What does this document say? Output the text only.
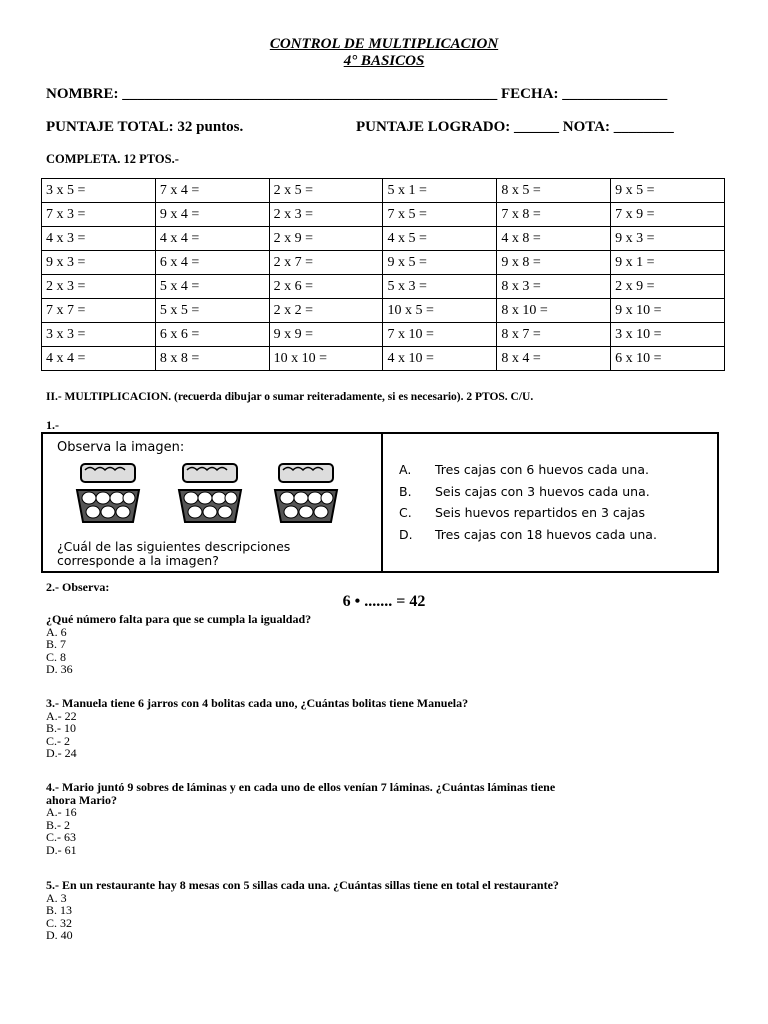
CONTROL DE MULTIPLICACION
4° BASICOS
NOMBRE: __________________________________________________ FECHA: ______________
PUNTAJE TOTAL: 32 puntos.	PUNTAJE LOGRADO: ______ NOTA: ________
COMPLETA. 12 PTOS.-
3 x 5 =	7 x 4 =	2 x 5 =	5 x 1 =	8 x 5 =	9 x 5 =
7 x 3 =	9 x 4 =	2 x 3 =	7 x 5 =	7 x 8 =	7 x 9 =
4 x 3 =	4 x 4 =	2 x 9 =	4 x 5 =	4 x 8 =	9 x 3 =
9 x 3 =	6 x 4 =	2 x 7 =	9 x 5 =	9 x 8 =	9 x 1 =
2 x 3 =	5 x 4 =	2 x 6 =	5 x 3 =	8 x 3 =	2 x 9 =
7 x 7 =	5 x 5 =	2 x 2 =	10 x 5 =	8 x 10 =	9 x 10 =
3 x 3 =	6 x 6 =	9 x 9 =	7 x 10 =	8 x 7 =	3 x 10 =
4 x 4 =	8 x 8 =	10 x 10 =	4 x 10 =	8 x 4 =	6 x 10 =
II.- MULTIPLICACION. (recuerda dibujar o sumar reiteradamente, si es necesario). 2 PTOS. C/U.
1.-
Observa la imagen:
¿Cuál de las siguientes descripciones
corresponde a la imagen?
A. Tres cajas con 6 huevos cada una.
B. Seis cajas con 3 huevos cada una.
C. Seis huevos repartidos en 3 cajas
D. Tres cajas con 18 huevos cada una.
2.- Observa:
6 • ....... = 42
¿Qué número falta para que se cumpla la igualdad?
A. 6
B. 7
C. 8
D. 36
3.- Manuela tiene 6 jarros con 4 bolitas cada uno, ¿Cuántas bolitas tiene Manuela?
A.- 22
B.- 10
C.- 2
D.- 24
4.- Mario juntó 9 sobres de láminas y en cada uno de ellos venían 7 láminas. ¿Cuántas láminas tiene
ahora Mario?
A.- 16
B.- 2
C.- 63
D.- 61
5.- En un restaurante hay 8 mesas con 5 sillas cada una. ¿Cuántas sillas tiene en total el restaurante?
A. 3
B. 13
C. 32
D. 40
